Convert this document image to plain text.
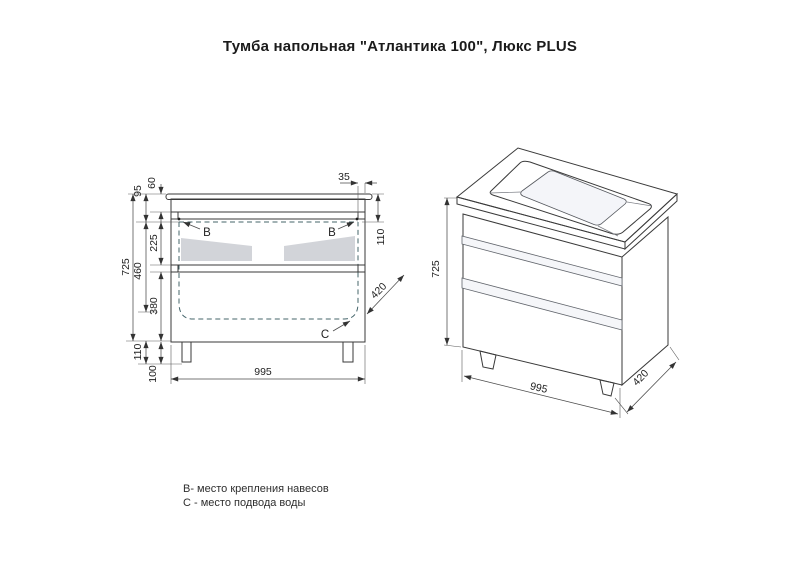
Тумба напольная "Атлантика 100", Люкс PLUS
725
95
60
225
460
380
110
100
110
35
995
420
В	В
С
725
995	420
В- место крепления навесов
С - место подвода воды
